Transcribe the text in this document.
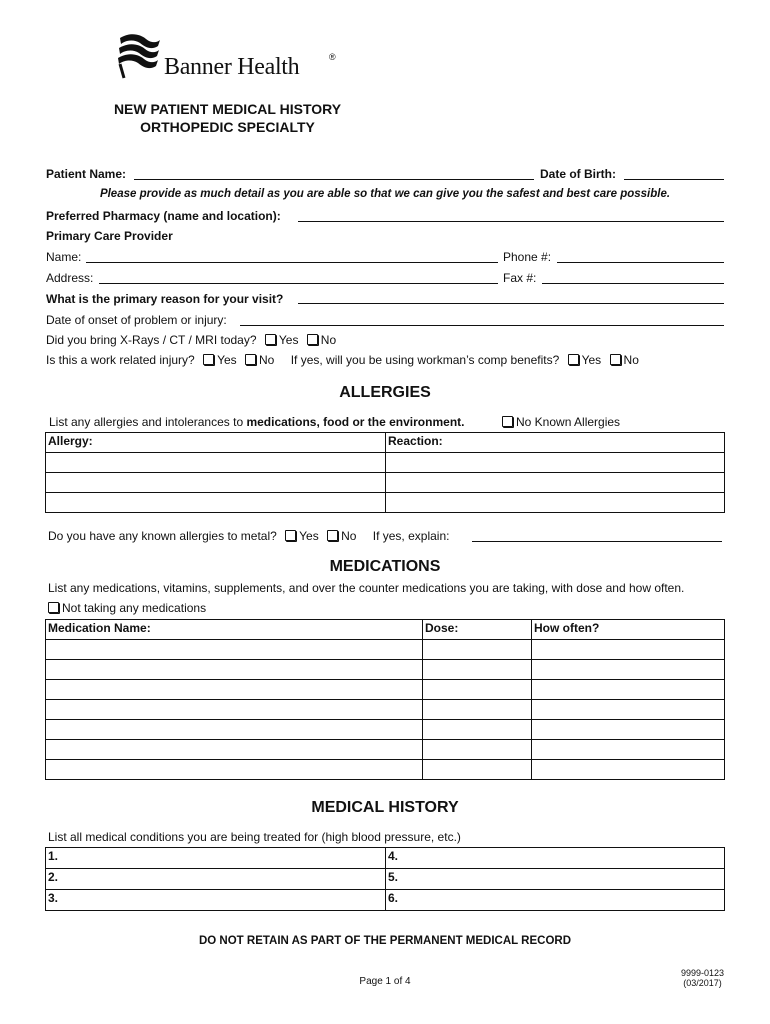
Banner Health	®
NEW PATIENT MEDICAL HISTORY
ORTHOPEDIC SPECIALTY
Patient Name:	Date of Birth:
Please provide as much detail as you are able so that we can give you the safest and best care possible.
Preferred Pharmacy (name and location):
Primary Care Provider
Name:	Phone #:
Address:	Fax #:
What is the primary reason for your visit?
Date of onset of problem or injury:
Did you bring X-Rays / CT / MRI today? Yes No
Is this a work related injury? Yes No If yes, will you be using workman’s comp benefits? Yes No
ALLERGIES
List any allergies and intolerances to medications, food or the environment.	No Known Allergies
Allergy:	Reaction:

Do you have any known allergies to metal? Yes No If yes, explain:
MEDICATIONS
List any medications, vitamins, supplements, and over the counter medications you are taking, with dose and how often.
Not taking any medications
Medication Name:	Dose:	How often?

MEDICAL HISTORY
List all medical conditions you are being treated for (high blood pressure, etc.)
1.	4.
2.	5.
3.	6.
DO NOT RETAIN AS PART OF THE PERMANENT MEDICAL RECORD
Page 1 of 4
9999-0123
(03/2017)
